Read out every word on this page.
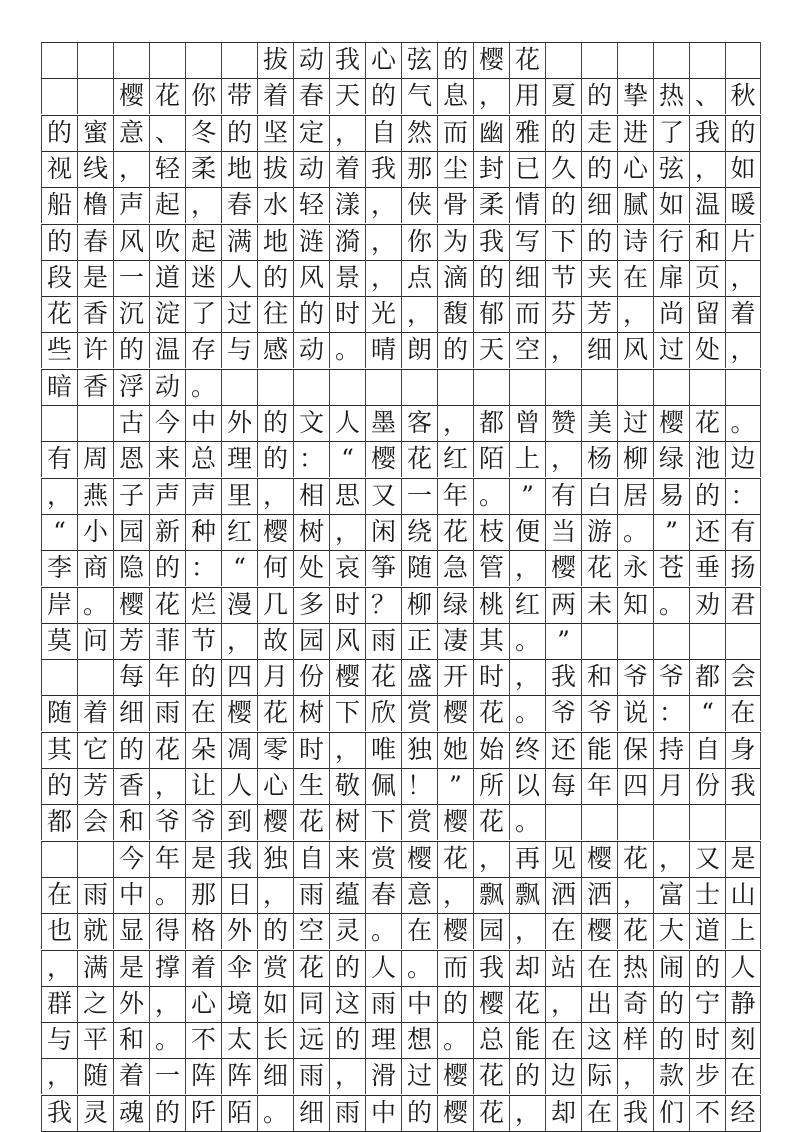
拔 动 我 心 弦 的 樱 花
樱 花 你 带 着 春 天 的 气 息 ， 用 夏 的 挚 热 、 秋
的 蜜 意 、 冬 的 坚 定 ， 自 然 而 幽 雅 的 走 进 了 我 的
视 线 ， 轻 柔 地 拔 动 着 我 那 尘 封 已 久 的 心 弦 ， 如
船 橹 声 起 ， 春 水 轻 漾 ， 侠 骨 柔 情 的 细 腻 如 温 暖
的 春 风 吹 起 满 地 涟 漪 ， 你 为 我 写 下 的 诗 行 和 片
段 是 一 道 迷 人 的 风 景 ， 点 滴 的 细 节 夹 在 扉 页 ，
花 香 沉 淀 了 过 往 的 时 光 ， 馥 郁 而 芬 芳 ， 尚 留 着
些 许 的 温 存 与 感 动 。 晴 朗 的 天 空 ， 细 风 过 处 ，
暗 香 浮 动 。
古 今 中 外 的 文 人 墨 客 ， 都 曾 赞 美 过 樱 花 。
有 周 恩 来 总 理 的 ： “ 樱 花 红 陌 上 ， 杨 柳 绿 池 边
， 燕 子 声 声 里 ， 相 思 又 一 年 。 ” 有 白 居 易 的 ：
“ 小 园 新 种 红 樱 树 ， 闲 绕 花 枝 便 当 游 。 ” 还 有
李 商 隐 的 ： “ 何 处 哀 筝 随 急 管 ， 樱 花 永 苍 垂 扬
岸 。 樱 花 烂 漫 几 多 时 ？ 柳 绿 桃 红 两 未 知 。 劝 君
莫 问 芳 菲 节 ， 故 园 风 雨 正 凄 其 。 ”
每 年 的 四 月 份 樱 花 盛 开 时 ， 我 和 爷 爷 都 会
随 着 细 雨 在 樱 花 树 下 欣 赏 樱 花 。 爷 爷 说 ： “ 在
其 它 的 花 朵 凋 零 时 ， 唯 独 她 始 终 还 能 保 持 自 身
的 芳 香 ， 让 人 心 生 敬 佩 ！ ” 所 以 每 年 四 月 份 我
都 会 和 爷 爷 到 樱 花 树 下 赏 樱 花 。
今 年 是 我 独 自 来 赏 樱 花 ， 再 见 樱 花 ， 又 是
在 雨 中 。 那 日 ， 雨 蕴 春 意 ， 飘 飘 洒 洒 ， 富 士 山
也 就 显 得 格 外 的 空 灵 。 在 樱 园 ， 在 樱 花 大 道 上
， 满 是 撑 着 伞 赏 花 的 人 。 而 我 却 站 在 热 闹 的 人
群 之 外 ， 心 境 如 同 这 雨 中 的 樱 花 ， 出 奇 的 宁 静
与 平 和 。 不 太 长 远 的 理 想 。 总 能 在 这 样 的 时 刻
， 随 着 一 阵 阵 细 雨 ， 滑 过 樱 花 的 边 际 ， 款 步 在
我 灵 魂 的 阡 陌 。 细 雨 中 的 樱 花 ， 却 在 我 们 不 经
